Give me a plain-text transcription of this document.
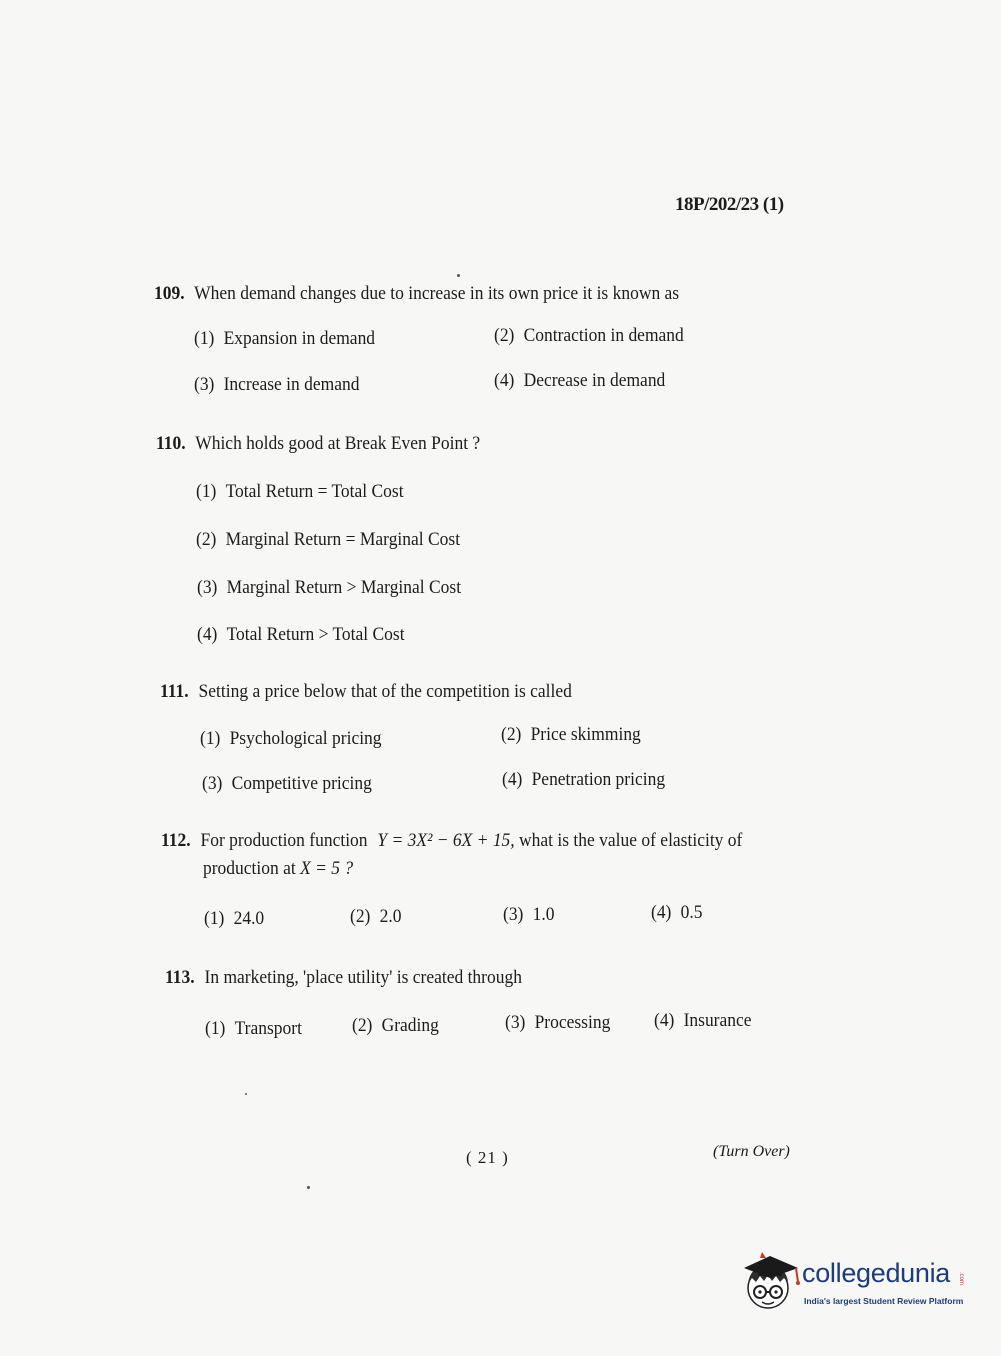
18P/202/23 (1)
109. When demand changes due to increase in its own price it is known as
(1) Expansion in demand	(2) Contraction in demand
(3) Increase in demand	(4) Decrease in demand
110. Which holds good at Break Even Point ?
(1) Total Return = Total Cost
(2) Marginal Return = Marginal Cost
(3) Marginal Return > Marginal Cost
(4) Total Return > Total Cost
111. Setting a price below that of the competition is called
(1) Psychological pricing	(2) Price skimming
(3) Competitive pricing	(4) Penetration pricing
112. For production function Y = 3X² − 6X + 15, what is the value of elasticity of
production at X = 5 ?
(1) 24.0	(2) 2.0	(3) 1.0	(4) 0.5
113. In marketing, 'place utility' is created through
(1) Transport	(2) Grading	(3) Processing (4) Insurance
( 21 )	(Turn Over)
collegedunia .com
India's largest Student Review Platform
